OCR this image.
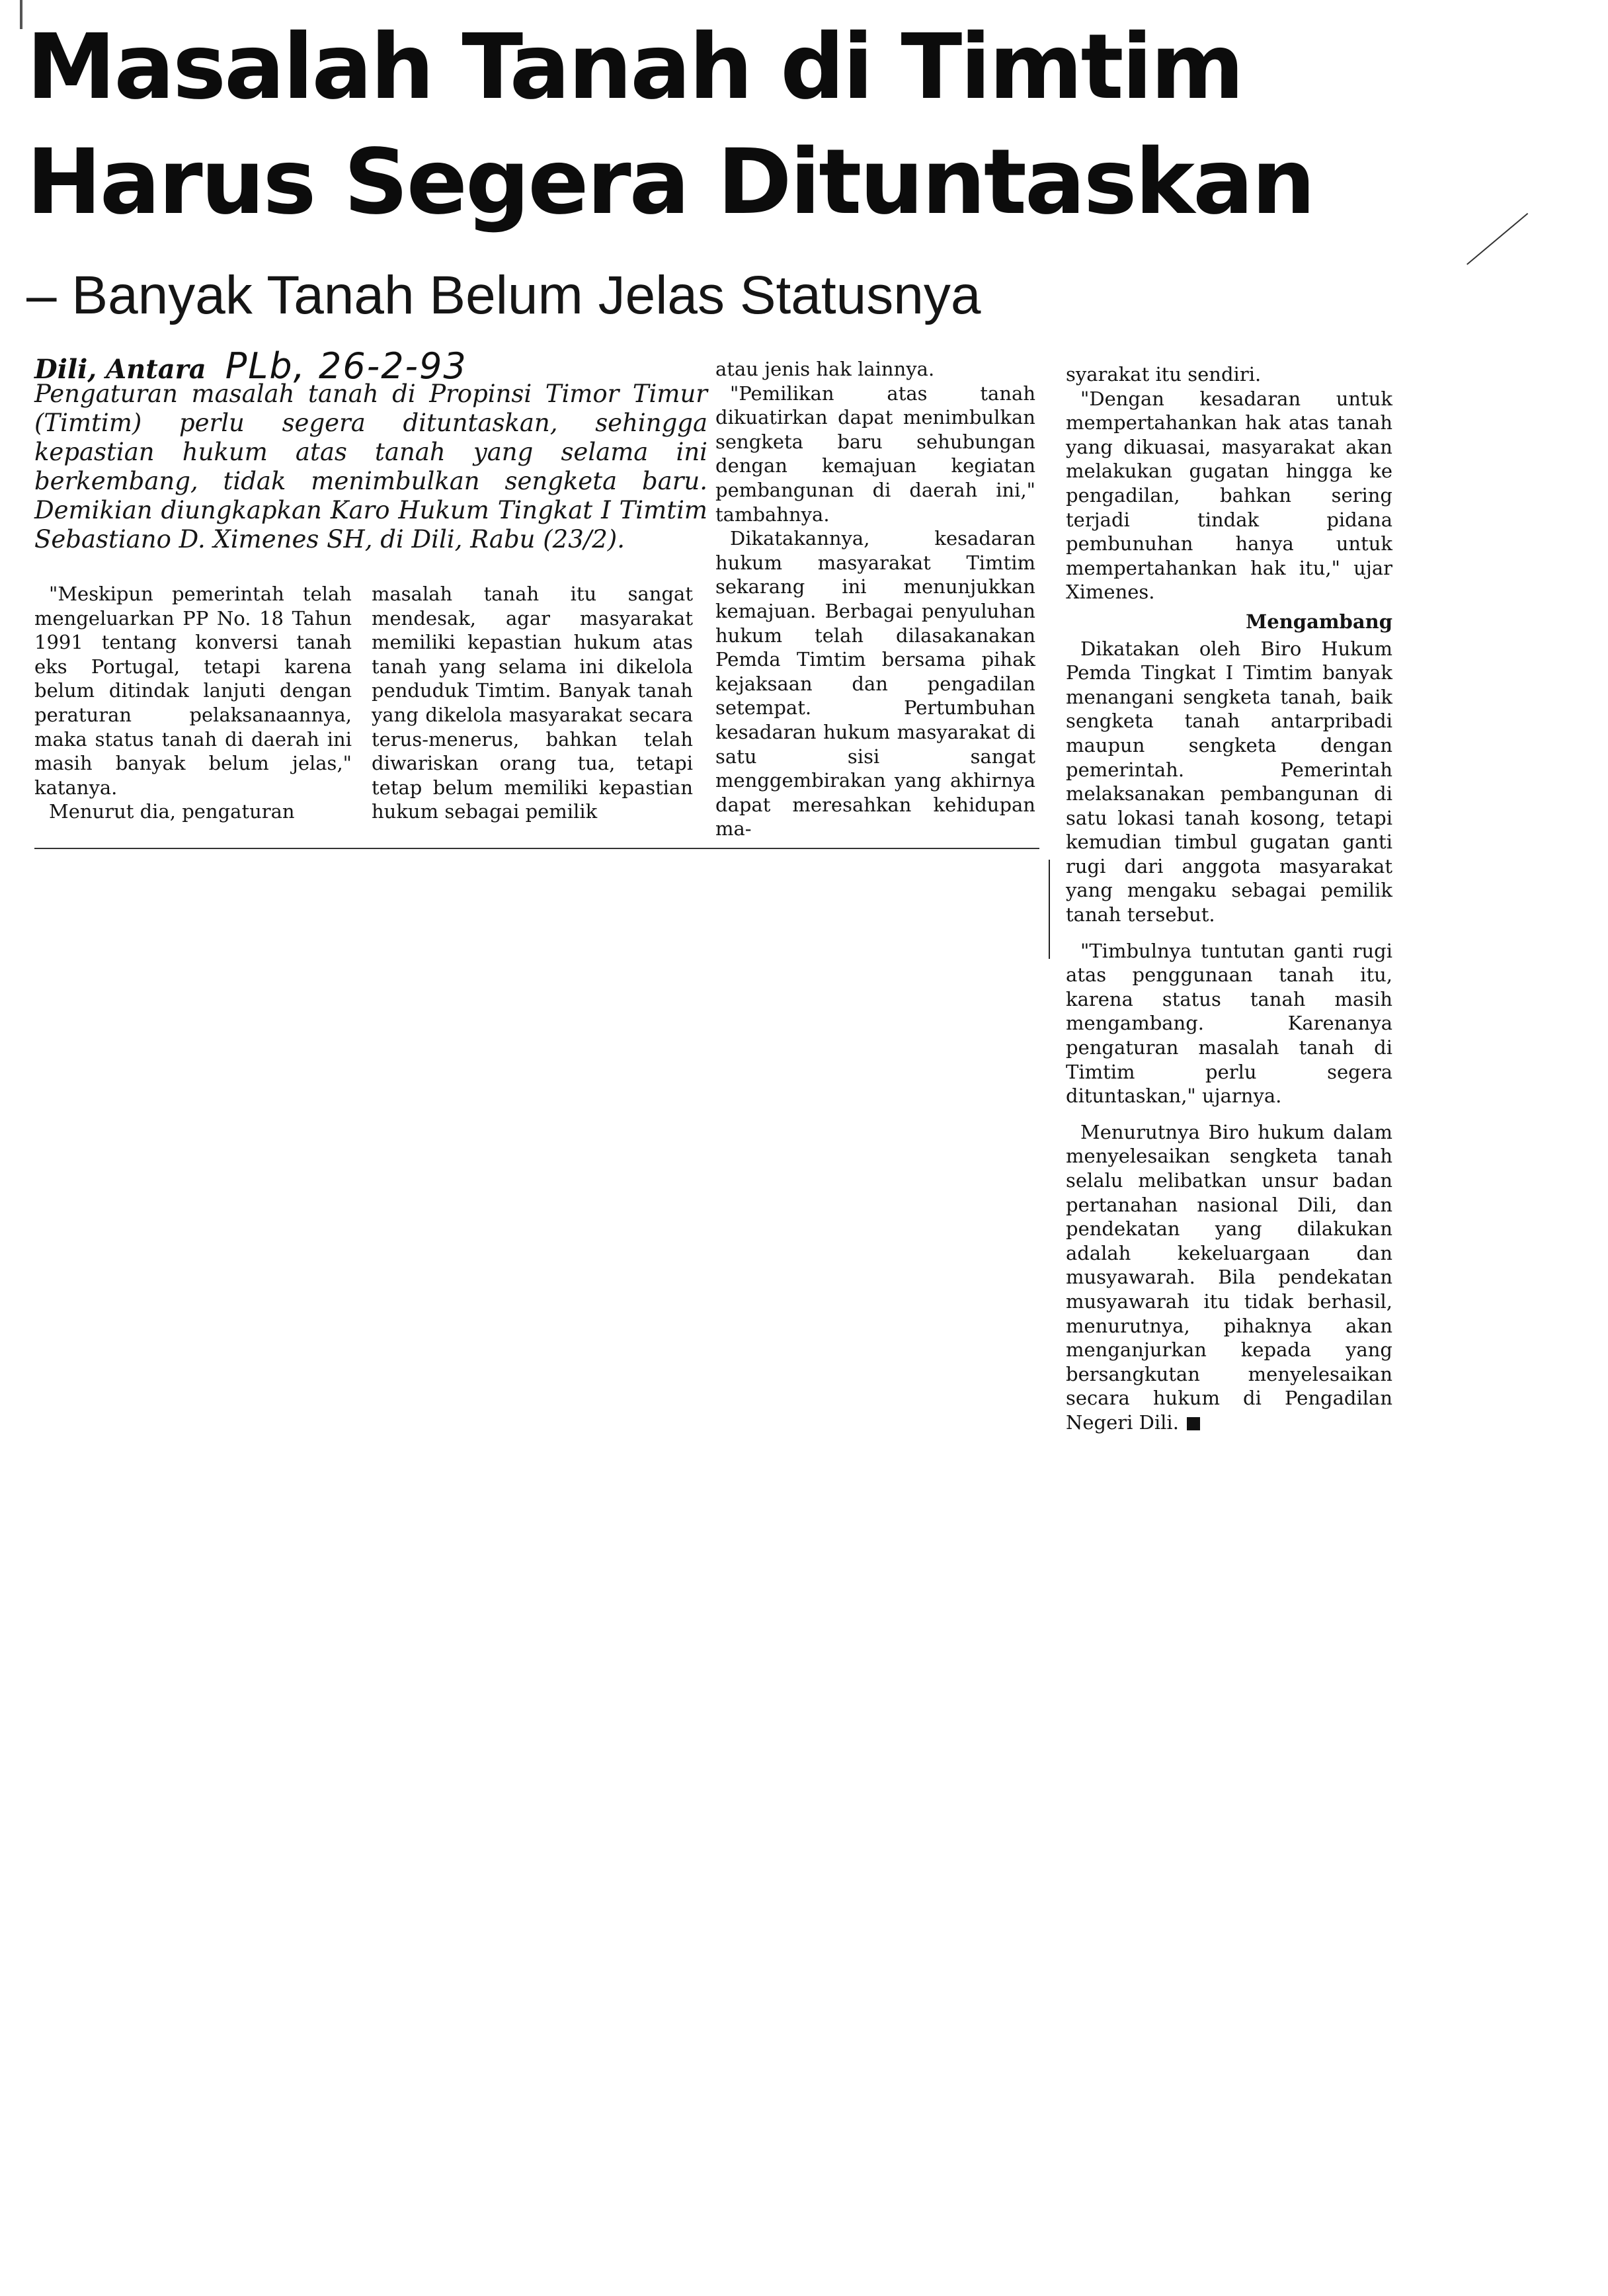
Masalah Tanah di Timtim
Harus Segera Dituntaskan
– Banyak Tanah Belum Jelas Statusnya
Dili, Antara PLb, 26-2-93

Pengaturan masalah tanah di Propinsi Timor Timur (Timtim) perlu segera dituntaskan, sehingga kepastian hukum atas tanah yang selama ini berkembang, tidak menimbulkan sengketa baru. Demikian diungkapkan Karo Hukum Tingkat I Timtim Sebastiano D. Ximenes SH, di Dili, Rabu (23/2).

"Meskipun pemerintah telah mengeluarkan PP No. 18 Tahun 1991 tentang konversi tanah eks Portugal, tetapi karena belum ditindak lanjuti dengan peraturan pelaksanaannya, maka status tanah di daerah ini masih banyak belum jelas," katanya.

Menurut dia, pengaturan

masalah tanah itu sangat mendesak, agar masyarakat memiliki kepastian hukum atas tanah yang selama ini dikelola penduduk Timtim. Banyak tanah yang dikelola masyarakat secara terus-menerus, bahkan telah diwariskan orang tua, tetapi tetap belum memiliki kepastian hukum sebagai pemilik

atau jenis hak lainnya.

"Pemilikan atas tanah dikuatirkan dapat menimbulkan sengketa baru sehubungan dengan kemajuan kegiatan pembangunan di daerah ini," tambahnya.

Dikatakannya, kesadaran hukum masyarakat Timtim sekarang ini menunjukkan kemajuan. Berbagai penyuluhan hukum telah dilasakanakan Pemda Timtim bersama pihak kejaksaan dan pengadilan setempat. Pertumbuhan kesadaran hukum masyarakat di satu sisi sangat menggembirakan yang akhirnya dapat meresahkan kehidupan ma-

syarakat itu sendiri.

"Dengan kesadaran untuk mempertahankan hak atas tanah yang dikuasai, masyarakat akan melakukan gugatan hingga ke pengadilan, bahkan sering terjadi tindak pidana pembunuhan hanya untuk mempertahankan hak itu," ujar Ximenes.

Mengambang

Dikatakan oleh Biro Hukum Pemda Tingkat I Timtim banyak menangani sengketa tanah, baik sengketa tanah antarpribadi maupun sengketa dengan pemerintah. Pemerintah melaksanakan pembangunan di satu lokasi tanah kosong, tetapi kemudian timbul gugatan ganti rugi dari anggota masyarakat yang mengaku sebagai pemilik tanah tersebut.

"Timbulnya tuntutan ganti rugi atas penggunaan tanah itu, karena status tanah masih mengambang. Karenanya pengaturan masalah tanah di Timtim perlu segera dituntaskan," ujarnya.

Menurutnya Biro hukum dalam menyelesaikan sengketa tanah selalu melibatkan unsur badan pertanahan nasional Dili, dan pendekatan yang dilakukan adalah kekeluargaan dan musyawarah. Bila pendekatan musyawarah itu tidak berhasil, menurutnya, pihaknya akan menganjurkan kepada yang bersangkutan menyelesaikan secara hukum di Pengadilan Negeri Dili.
